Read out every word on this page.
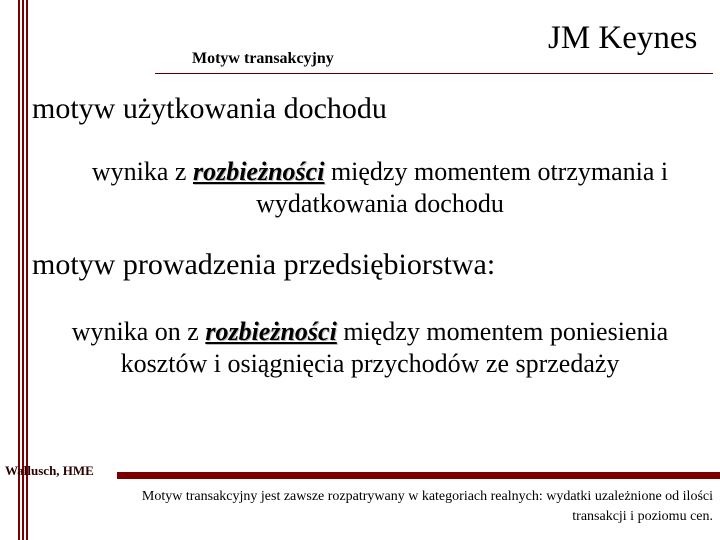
Motyw transakcyjny
JM Keynes
motyw użytkowania dochodu
wynika z rozbieżności między momentem otrzymania i wydatkowania dochodu
motyw prowadzenia przedsiębiorstwa:
wynika on z rozbieżności między momentem poniesienia kosztów i osiągnięcia przychodów ze sprzedaży
Wallusch, HME
Motyw transakcyjny jest zawsze rozpatrywany w kategoriach realnych: wydatki uzależnione od ilości transakcji i poziomu cen.
